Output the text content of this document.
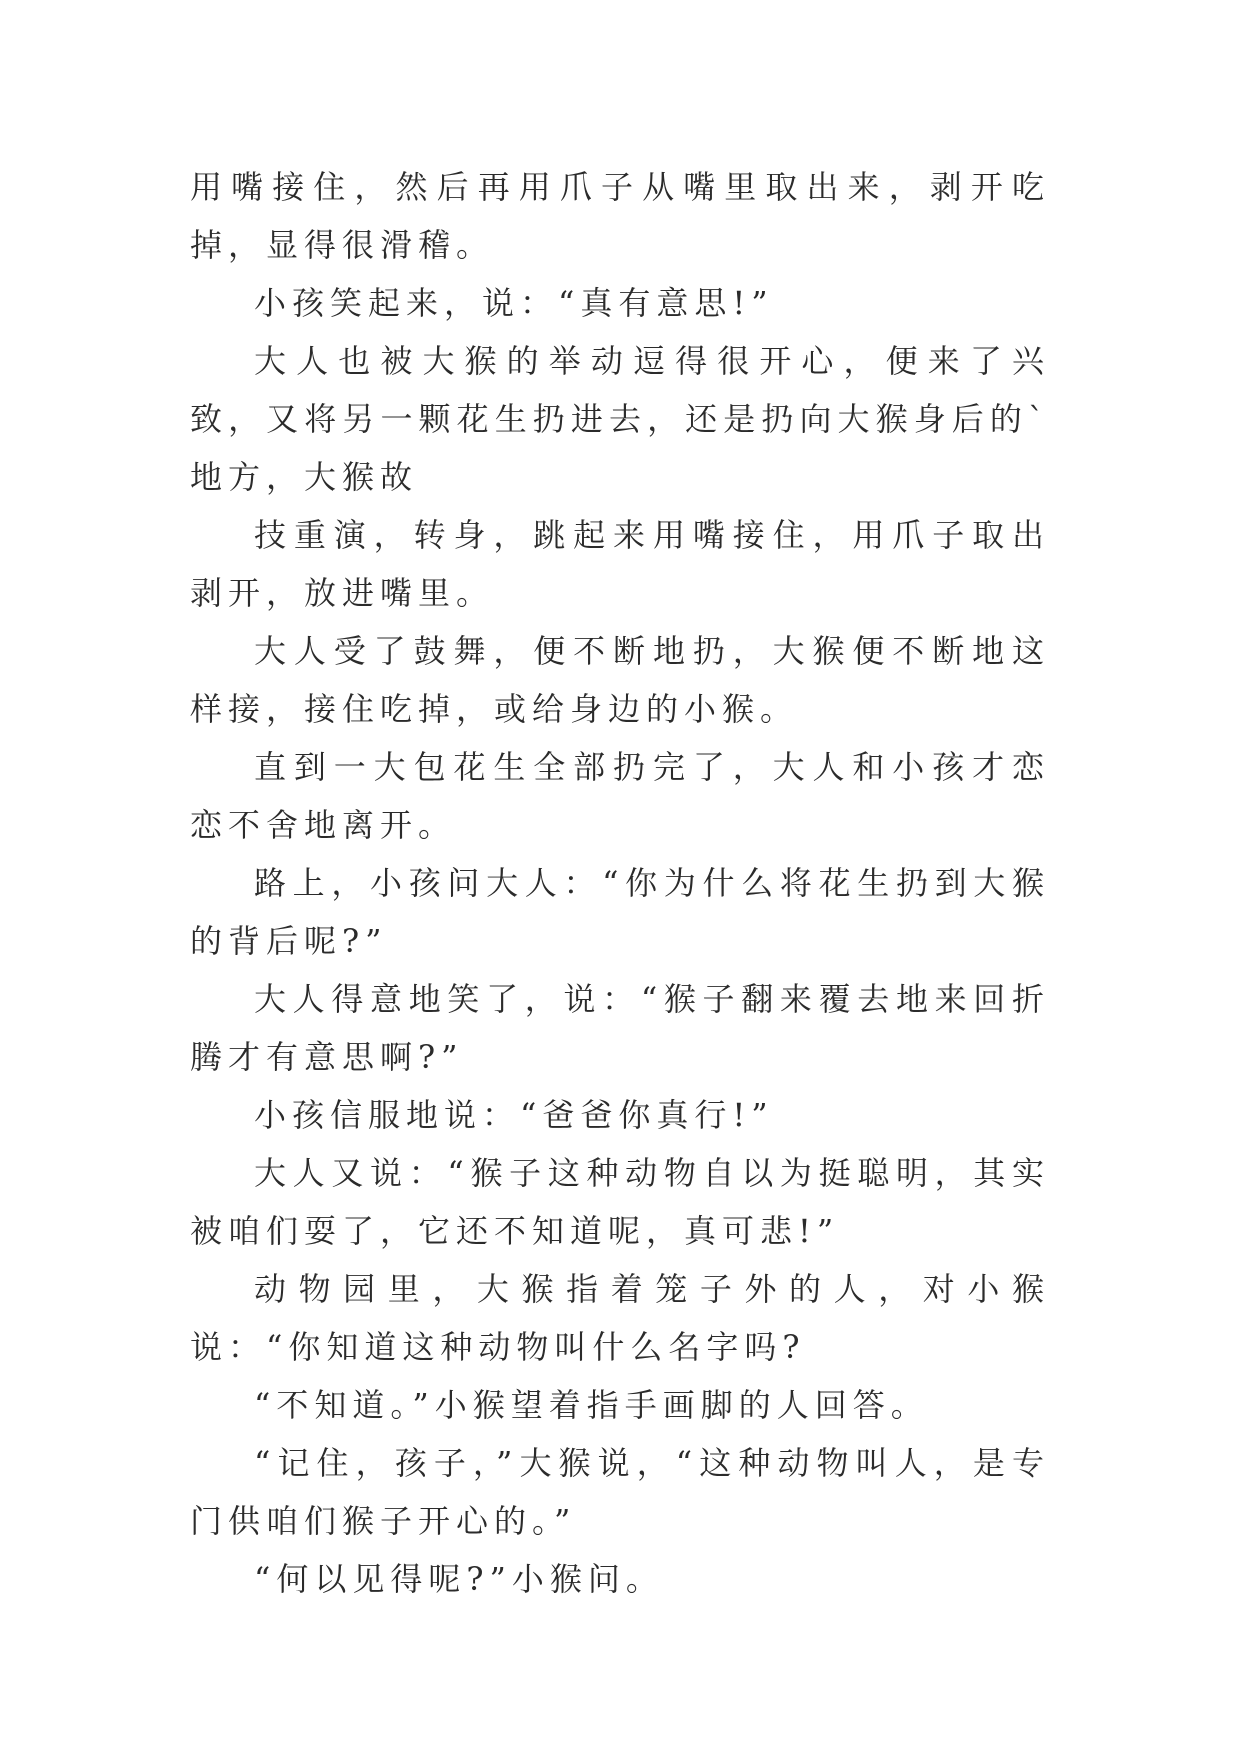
用嘴接住，然后再用爪子从嘴里取出来，剥开吃掉，显得很滑稽。

小孩笑起来，说：“真有意思!”

大人也被大猴的举动逗得很开心，便来了兴致，又将另一颗花生扔进去，还是扔向大猴身后的`地方，大猴故

技重演，转身，跳起来用嘴接住，用爪子取出剥开，放进嘴里。

大人受了鼓舞，便不断地扔，大猴便不断地这样接，接住吃掉，或给身边的小猴。

直到一大包花生全部扔完了，大人和小孩才恋恋不舍地离开。

路上，小孩问大人：“你为什么将花生扔到大猴的背后呢?”

大人得意地笑了，说：“猴子翻来覆去地来回折腾才有意思啊?”

小孩信服地说：“爸爸你真行!”

大人又说：“猴子这种动物自以为挺聪明，其实被咱们耍了，它还不知道呢，真可悲!”

动物园里，大猴指着笼子外的人，对小猴说：“你知道这种动物叫什么名字吗?

“不知道。”小猴望着指手画脚的人回答。

“记住，孩子，”大猴说，“这种动物叫人，是专门供咱们猴子开心的。”

“何以见得呢?”小猴问。
